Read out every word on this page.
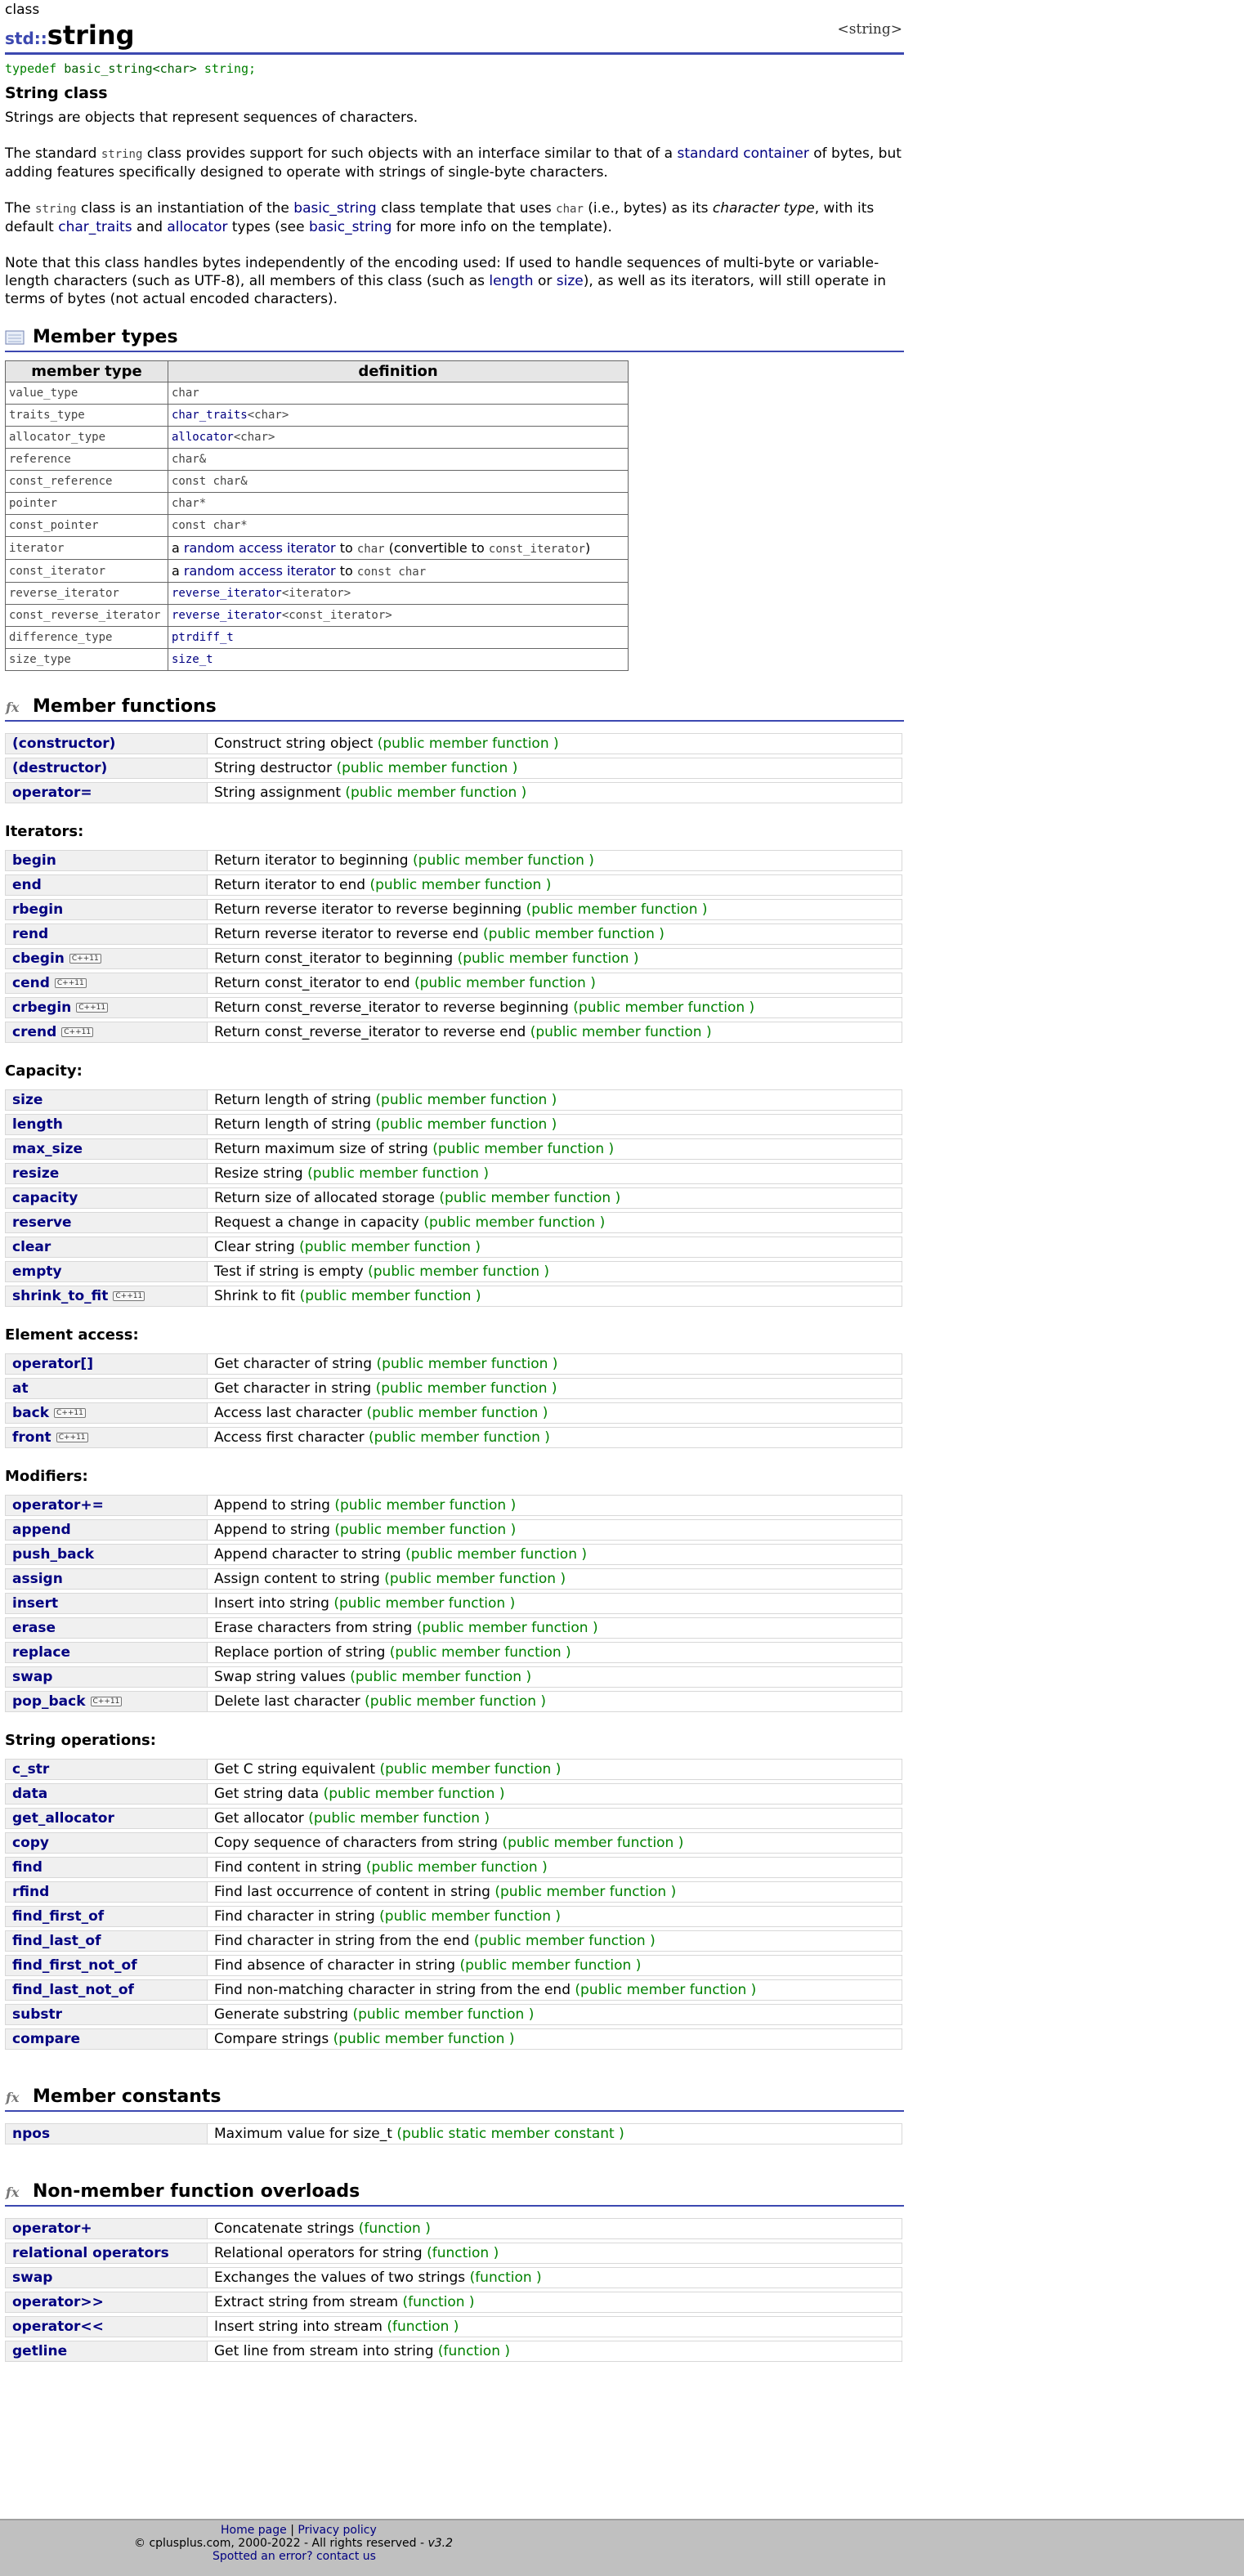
class
std::string	<string>
typedef basic_string<char> string;
String class

Strings are objects that represent sequences of characters.

The standard string class provides support for such objects with an interface similar to that of a standard container of bytes, but adding features specifically designed to operate with strings of single-byte characters.

The string class is an instantiation of the basic_string class template that uses char (i.e., bytes) as its character type, with its default char_traits and allocator types (see basic_string for more info on the template).

Note that this class handles bytes independently of the encoding used: If used to handle sequences of multi-byte or variable-length characters (such as UTF-8), all members of this class (such as length or size), as well as its iterators, will still operate in terms of bytes (not actual encoded characters).

Member types
member type	definition
value_type	char
traits_type	char_traits<char>
allocator_type	allocator<char>
reference	char&
const_reference	const char&
pointer	char*
const_pointer	const char*
iterator	a random access iterator to char (convertible to const_iterator)
const_iterator	a random access iterator to const char
reverse_iterator	reverse_iterator<iterator>
const_reverse_iterator	reverse_iterator<const_iterator>
difference_type	ptrdiff_t
size_type	size_t
fx Member functions
(constructor)	Construct string object (public member function )
(destructor)	String destructor (public member function )
operator=	String assignment (public member function )
Iterators:
begin	Return iterator to beginning (public member function )
end	Return iterator to end (public member function )
rbegin	Return reverse iterator to reverse beginning (public member function )
rend	Return reverse iterator to reverse end (public member function )
cbegin C++11	Return const_iterator to beginning (public member function )
cend C++11	Return const_iterator to end (public member function )
crbegin C++11	Return const_reverse_iterator to reverse beginning (public member function )
crend C++11	Return const_reverse_iterator to reverse end (public member function )
Capacity:
size	Return length of string (public member function )
length	Return length of string (public member function )
max_size	Return maximum size of string (public member function )
resize	Resize string (public member function )
capacity	Return size of allocated storage (public member function )
reserve	Request a change in capacity (public member function )
clear	Clear string (public member function )
empty	Test if string is empty (public member function )
shrink_to_fit C++11	Shrink to fit (public member function )
Element access:
operator[]	Get character of string (public member function )
at	Get character in string (public member function )
back C++11	Access last character (public member function )
front C++11	Access first character (public member function )
Modifiers:
operator+=	Append to string (public member function )
append	Append to string (public member function )
push_back	Append character to string (public member function )
assign	Assign content to string (public member function )
insert	Insert into string (public member function )
erase	Erase characters from string (public member function )
replace	Replace portion of string (public member function )
swap	Swap string values (public member function )
pop_back C++11	Delete last character (public member function )
String operations:
c_str	Get C string equivalent (public member function )
data	Get string data (public member function )
get_allocator	Get allocator (public member function )
copy	Copy sequence of characters from string (public member function )
find	Find content in string (public member function )
rfind	Find last occurrence of content in string (public member function )
find_first_of	Find character in string (public member function )
find_last_of	Find character in string from the end (public member function )
find_first_not_of	Find absence of character in string (public member function )
find_last_not_of	Find non-matching character in string from the end (public member function )
substr	Generate substring (public member function )
compare	Compare strings (public member function )
fx Member constants
npos	Maximum value for size_t (public static member constant )
fx Non-member function overloads
operator+	Concatenate strings (function )
relational operators	Relational operators for string (function )
swap	Exchanges the values of two strings (function )
operator>>	Extract string from stream (function )
operator<<	Insert string into stream (function )
getline	Get line from stream into string (function )
Home page | Privacy policy
© cplusplus.com, 2000-2022 - All rights reserved - v3.2
Spotted an error? contact us
